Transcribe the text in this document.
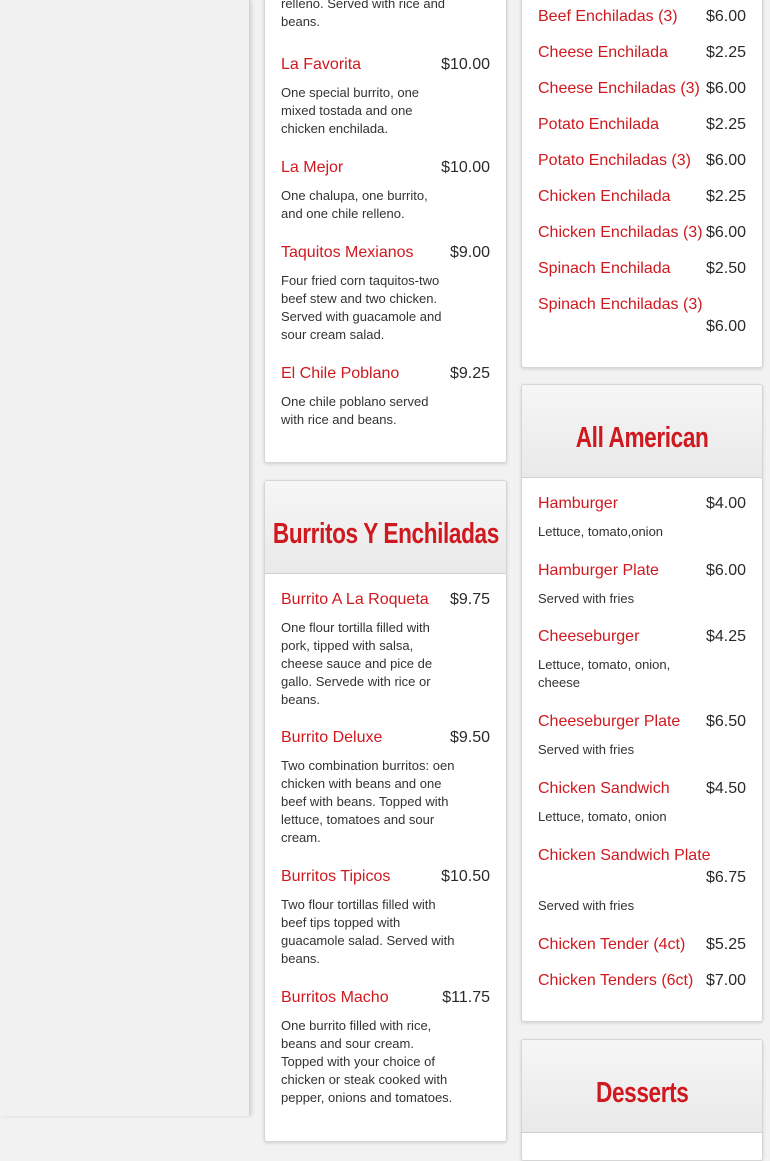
relleno. Served with rice and beans.
La Favorita	$10.00
One special burrito, one mixed tostada and one chicken enchilada.
La Mejor	$10.00
One chalupa, one burrito, and one chile relleno.
Taquitos Mexianos	$9.00
Four fried corn taquitos-two beef stew and two chicken. Served with guacamole and sour cream salad.
El Chile Poblano	$9.25
One chile poblano served with rice and beans.
Burritos Y Enchiladas
Burrito A La Roqueta	$9.75
One flour tortilla filled with pork, tipped with salsa, cheese sauce and pice de gallo. Servede with rice or beans.
Burrito Deluxe	$9.50
Two combination burritos: oen chicken with beans and one beef with beans. Topped with lettuce, tomatoes and sour cream.
Burritos Tipicos	$10.50
Two flour tortillas filled with beef tips topped with guacamole salad. Served with beans.
Burritos Macho	$11.75
One burrito filled with rice, beans and sour cream. Topped with your choice of chicken or steak cooked with pepper, onions and tomatoes.
Beef Enchiladas (3)	$6.00
Cheese Enchilada	$2.25
Cheese Enchiladas (3) $6.00
Potato Enchilada	$2.25
Potato Enchiladas (3) $6.00
Chicken Enchilada	$2.25
Chicken Enchiladas (3) $6.00
Spinach Enchilada	$2.50
Spinach Enchiladas (3)
$6.00
All American
Hamburger	$4.00
Lettuce, tomato,onion
Hamburger Plate	$6.00
Served with fries
Cheeseburger	$4.25
Lettuce, tomato, onion, cheese
Cheeseburger Plate	$6.50
Served with fries
Chicken Sandwich	$4.50
Lettuce, tomato, onion
Chicken Sandwich Plate
$6.75
Served with fries
Chicken Tender (4ct)	$5.25
Chicken Tenders (6ct) $7.00
Desserts
